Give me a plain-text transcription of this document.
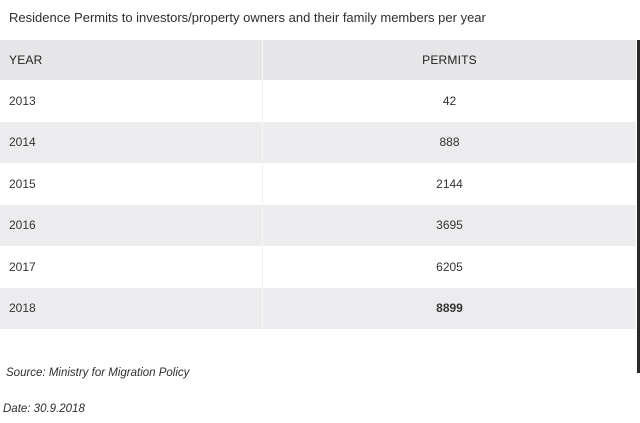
Residence Permits to investors/property owners and their family members per year
YEAR	PERMITS
2013	42
2014	888
2015	2144
2016	3695
2017	6205
2018	8899
Source: Ministry for Migration Policy
Date: 30.9.2018
